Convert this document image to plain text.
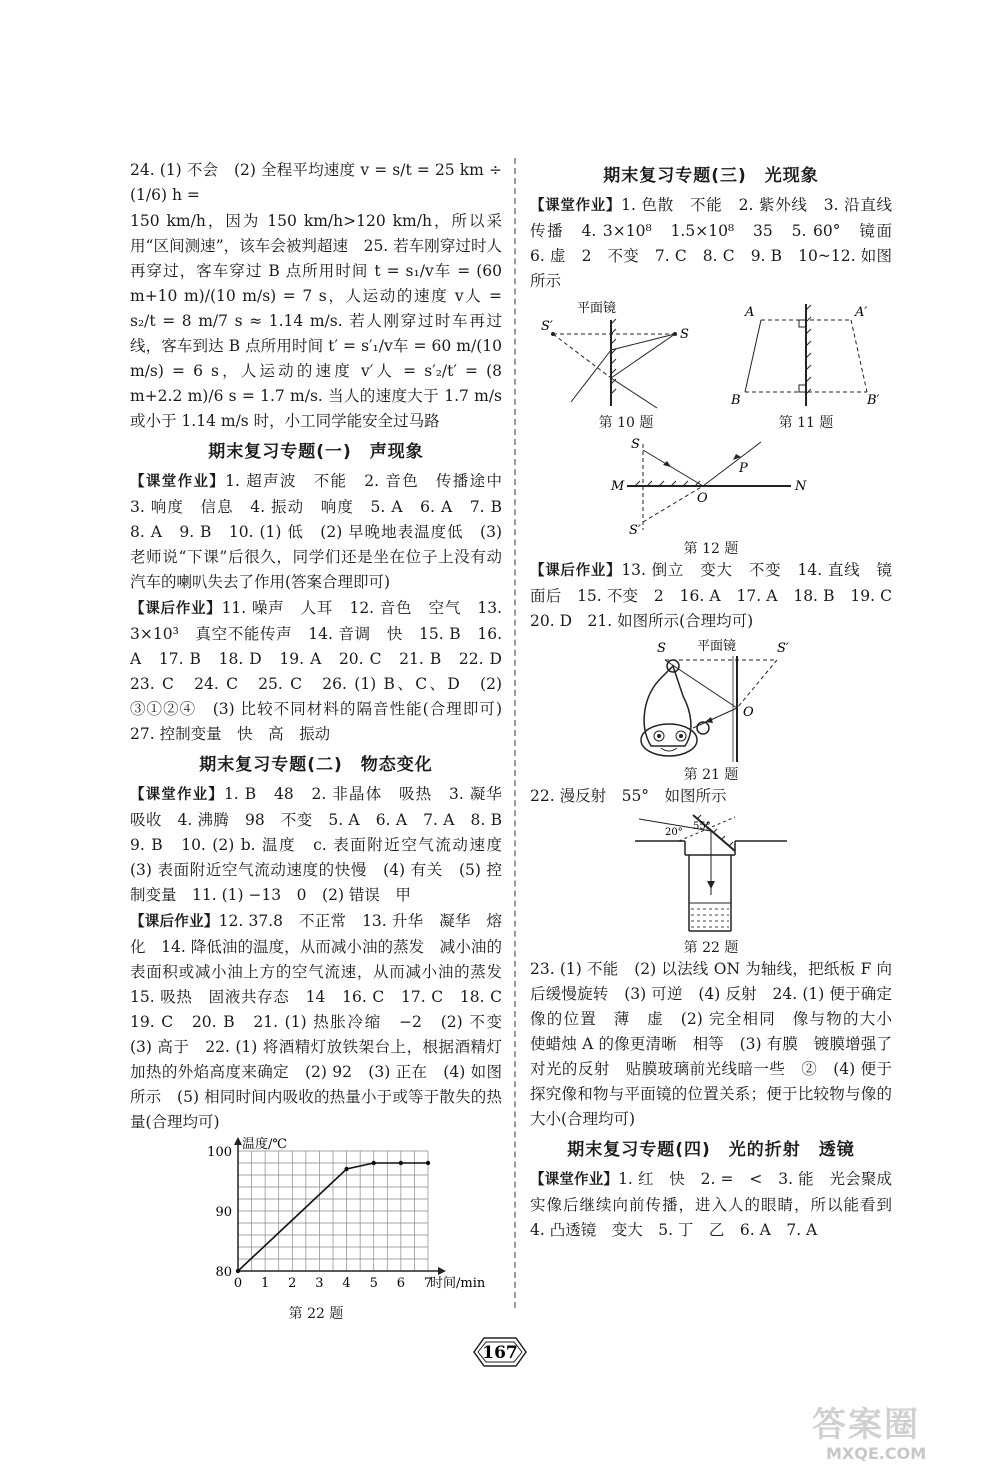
24. (1) 不会　(2) 全程平均速度 v = s/t = 25 km ÷ (1/6) h =

150 km/h，因为 150 km/h>120 km/h，所以采用“区间测速”，该车会被判超速　25. 若车刚穿过时人再穿过，客车穿过 B 点所用时间 t = s₁/v车 = (60 m+10 m)/(10 m/s) = 7 s，人运动的速度 v人 = s₂/t = 8 m/7 s ≈ 1.14 m/s. 若人刚穿过时车再过线，客车到达 B 点所用时间 t′ = s′₁/v车 = 60 m/(10 m/s) = 6 s，人运动的速度 v′人 = s′₂/t′ = (8 m+2.2 m)/6 s = 1.7 m/s. 当人的速度大于 1.7 m/s 或小于 1.14 m/s 时，小工同学能安全过马路

期末复习专题(一)　声现象

【课堂作业】1. 超声波　不能　2. 音色　传播途中　3. 响度　信息　4. 振动　响度　5. A　6. A　7. B　8. A　9. B　10. (1) 低　(2) 早晚地表温度低　(3) 老师说“下课”后很久，同学们还是坐在位子上没有动　汽车的喇叭失去了作用(答案合理即可)

【课后作业】11. 噪声　人耳　12. 音色　空气　13. 3×10³　真空不能传声　14. 音调　快　15. B　16. A　17. B　18. D　19. A　20. C　21. B　22. D　23. C　24. C　25. C　26. (1) B、C、D　(2) ③①②④　(3) 比较不同材料的隔音性能(合理即可)　27. 控制变量　快　高　振动

期末复习专题(二)　物态变化

【课堂作业】1. B　48　2. 非晶体　吸热　3. 凝华　吸收　4. 沸腾　98　不变　5. A　6. A　7. A　8. B　9. B　10. (2) b. 温度　c. 表面附近空气流动速度　(3) 表面附近空气流动速度的快慢　(4) 有关　(5) 控制变量　11. (1) −13　0　(2) 错误　甲

【课后作业】12. 37.8　不正常　13. 升华　凝华　熔化　14. 降低油的温度，从而减小油的蒸发　减小油的表面积或减小油上方的空气流速，从而减小油的蒸发　15. 吸热　固液共存态　14　16. C　17. C　18. C　19. C　20. B　21. (1) 热胀冷缩　−2　(2) 不变　(3) 高于　22. (1) 将酒精灯放铁架台上，根据酒精灯加热的外焰高度来确定　(2) 92　(3) 正在　(4) 如图所示　(5) 相同时间内吸收的热量小于或等于散失的热量(合理均可)

0 1 2 3 4 5 6 7
80
90
100
时间/min
温度/℃
第 22 题
期末复习专题(三)　光现象

【课堂作业】1. 色散　不能　2. 紫外线　3. 沿直线传播　4. 3×10⁸　1.5×10⁸　35　5. 60°　镜面　6. 虚　2　不变　7. C　8. C　9. B　10~12. 如图所示

平面镜
S′
S
第 10 题
A	A′
B	B′
第 11 题
S
P
M	N
O
S′
第 12 题

【课后作业】13. 倒立　变大　不变　14. 直线　镜面后　15. 不变　2　16. A　17. A　18. B　19. C　20. D　21. 如图所示(合理均可)

平面镜
S	S′
O
第 21 题

22. 漫反射　55°　如图所示

55°
20°
第 22 题

23. (1) 不能　(2) 以法线 ON 为轴线，把纸板 F 向后缓慢旋转　(3) 可逆　(4) 反射　24. (1) 便于确定像的位置　薄　虚　(2) 完全相同　像与物的大小　使蜡烛 A 的像更清晰　相等　(3) 有膜　镀膜增强了对光的反射　贴膜玻璃前光线暗一些　②　(4) 便于探究像和物与平面镜的位置关系；便于比较物与像的大小(合理均可)

期末复习专题(四)　光的折射　透镜

【课堂作业】1. 红　快　2. =　<　3. 能　光会聚成实像后继续向前传播，进入人的眼睛，所以能看到　4. 凸透镜　变大　5. 丁　乙　6. A　7. A

167
答案圈
MXQE.COM
